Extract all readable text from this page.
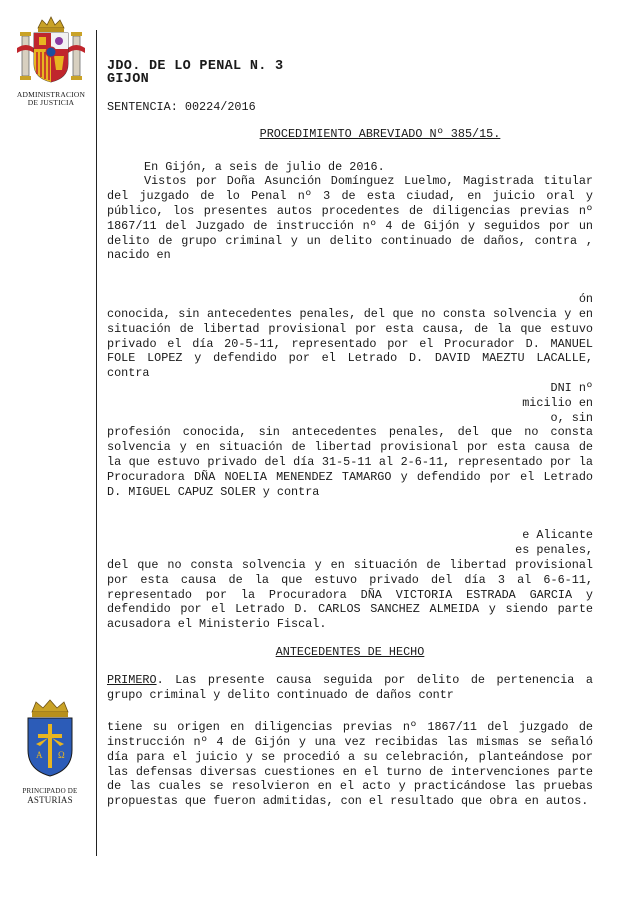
ADMINISTRACION
DE JUSTICIA
A Ω
PRINCIPADO DE
ASTURIAS
JDO. DE LO PENAL N. 3
GIJON
SENTENCIA: 00224/2016
PROCEDIMIENTO ABREVIADO Nº 385/15.

En Gijón, a seis de julio de 2016.

Vistos por Doña Asunción Domínguez Luelmo, Magistrada titular del juzgado de lo Penal nº 3 de esta ciudad, en juicio oral y público, los presentes autos procedentes de diligencias previas nº 1867/11 del Juzgado de instrucción nº 4 de Gijón y seguidos por un delito de grupo criminal y un delito continuado de daños, contra , nacido en

ón

conocida, sin antecedentes penales, del que no consta solvencia y en situación de libertad provisional por esta causa, de la que estuvo privado el día 20-5-11, representado por el Procurador D. MANUEL FOLE LOPEZ y defendido por el Letrado D. DAVID MAEZTU LACALLE, contra

DNI nº
micilio en
o, sin

profesión conocida, sin antecedentes penales, del que no consta solvencia y en situación de libertad provisional por esta causa de la que estuvo privado del día 31-5-11 al 2-6-11, representado por la Procuradora DÑA NOELIA MENENDEZ TAMARGO y defendido por el Letrado D. MIGUEL CAPUZ SOLER y contra

e Alicante
es penales,

del que no consta solvencia y en situación de libertad provisional por esta causa de la que estuvo privado del día 3 al 6-6-11, representado por la Procuradora DÑA VICTORIA ESTRADA GARCIA y defendido por el Letrado D. CARLOS SANCHEZ ALMEIDA y siendo parte acusadora el Ministerio Fiscal.

ANTECEDENTES DE HECHO

PRIMERO. Las presente causa seguida por delito de pertenencia a grupo criminal y delito continuado de daños contr

tiene su origen en diligencias previas nº 1867/11 del juzgado de instrucción nº 4 de Gijón y una vez recibidas las mismas se señaló día para el juicio y se procedió a su celebración, planteándose por las defensas diversas cuestiones en el turno de intervenciones parte de las cuales se resolvieron en el acto y practicándose las pruebas propuestas que fueron admitidas, con el resultado que obra en autos.
